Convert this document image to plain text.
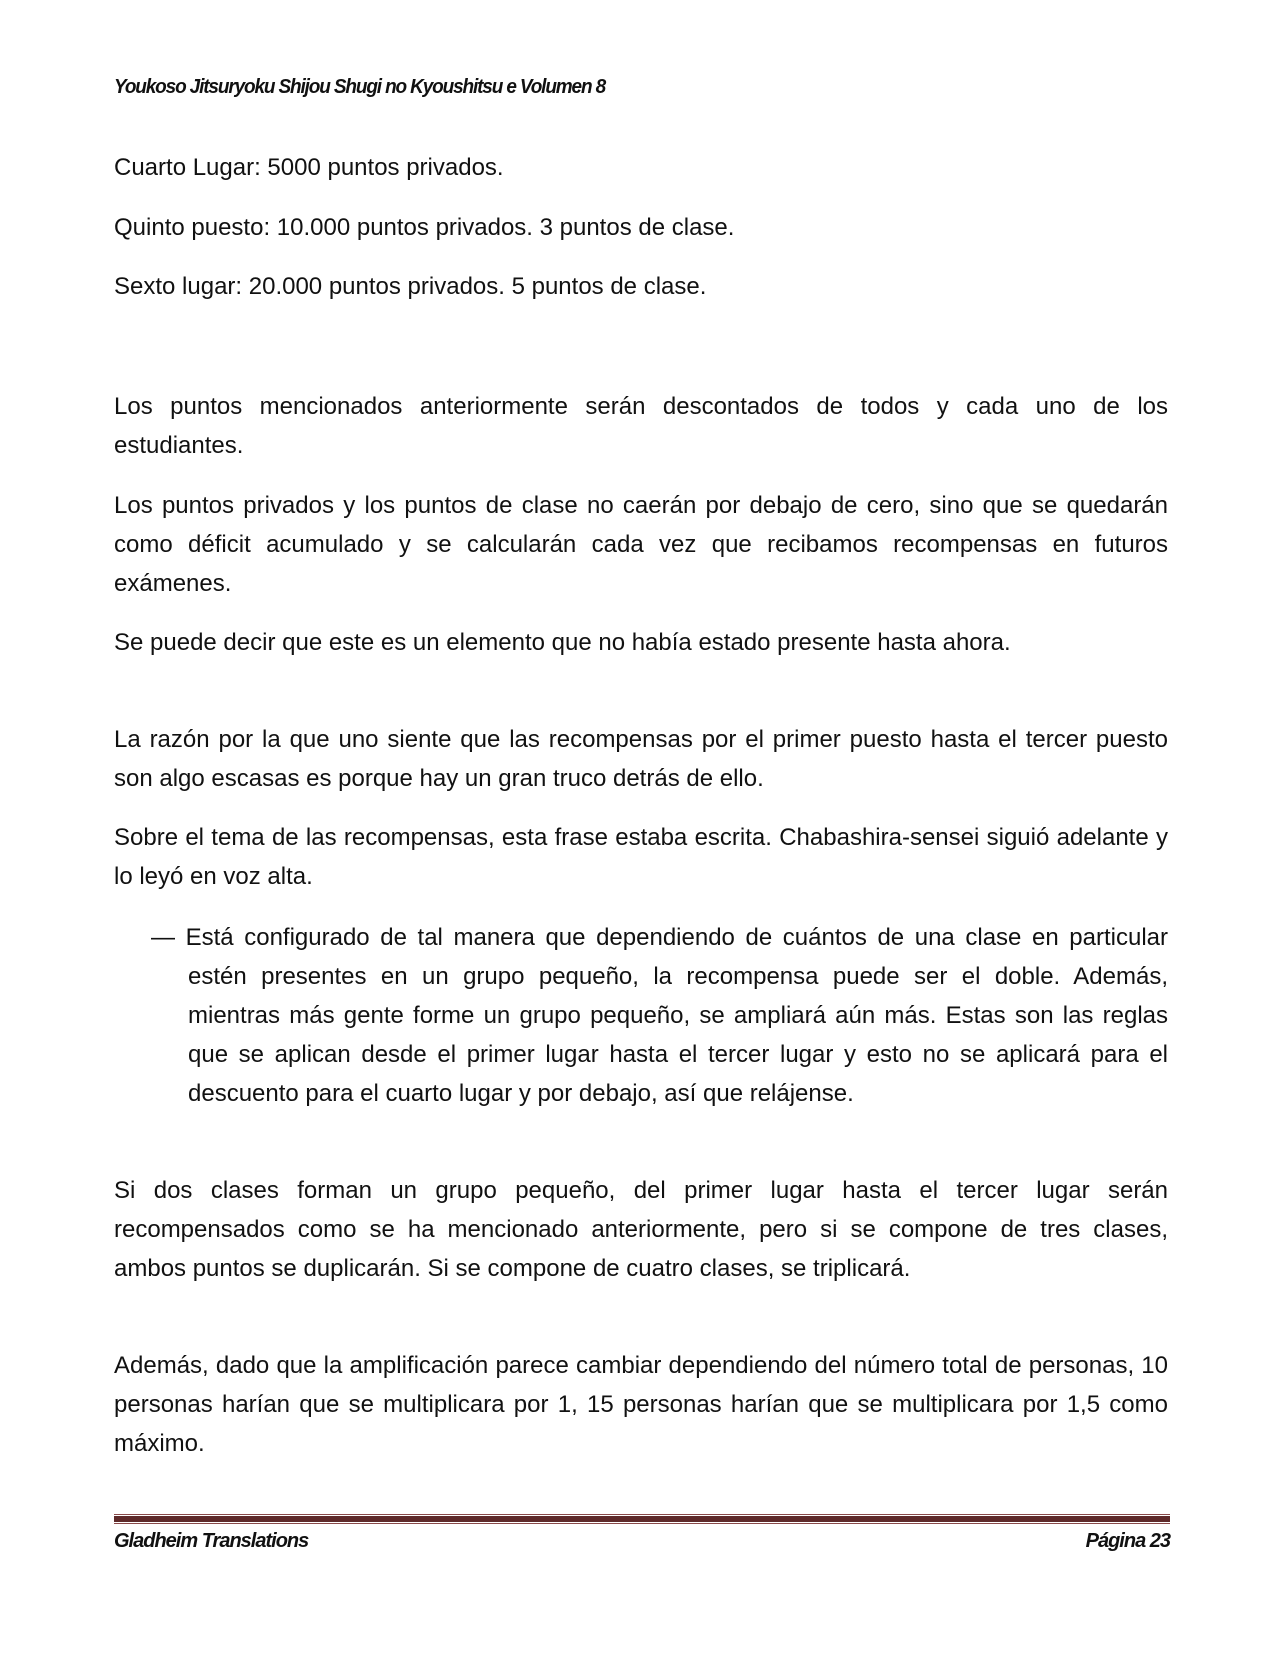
Youkoso Jitsuryoku Shijou Shugi no Kyoushitsu e Volumen 8

Cuarto Lugar: 5000 puntos privados.

Quinto puesto: 10.000 puntos privados. 3 puntos de clase.

Sexto lugar: 20.000 puntos privados. 5 puntos de clase.

Los puntos mencionados anteriormente serán descontados de todos y cada uno de los estudiantes.

Los puntos privados y los puntos de clase no caerán por debajo de cero, sino que se quedarán como déficit acumulado y se calcularán cada vez que recibamos recompensas en futuros exámenes.

Se puede decir que este es un elemento que no había estado presente hasta ahora.

La razón por la que uno siente que las recompensas por el primer puesto hasta el tercer puesto son algo escasas es porque hay un gran truco detrás de ello.

Sobre el tema de las recompensas, esta frase estaba escrita. Chabashira-sensei siguió adelante y lo leyó en voz alta.

— Está configurado de tal manera que dependiendo de cuántos de una clase en particular estén presentes en un grupo pequeño, la recompensa puede ser el doble. Además, mientras más gente forme un grupo pequeño, se ampliará aún más. Estas son las reglas que se aplican desde el primer lugar hasta el tercer lugar y esto no se aplicará para el descuento para el cuarto lugar y por debajo, así que relájense.

Si dos clases forman un grupo pequeño, del primer lugar hasta el tercer lugar serán recompensados como se ha mencionado anteriormente, pero si se compone de tres clases, ambos puntos se duplicarán. Si se compone de cuatro clases, se triplicará.

Además, dado que la amplificación parece cambiar dependiendo del número total de personas, 10 personas harían que se multiplicara por 1, 15 personas harían que se multiplicara por 1,5 como máximo.

Gladheim Translations	Página 23
